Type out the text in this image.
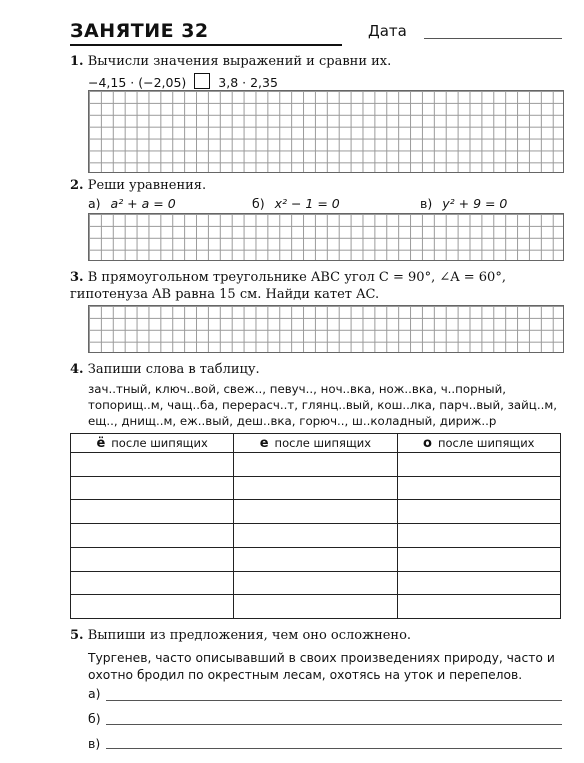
ЗАНЯТИЕ 32	Дата
1. Вычисли значения выражений и сравни их.
−4,15 · (−2,05)	3,8 · 2,35
2. Реши уравнения.
а) a² + a = 0	б) x² − 1 = 0	в) y² + 9 = 0
3. В прямоугольном треугольнике ABC угол C = 90°, ∠A = 60°,
гипотенуза AB равна 15 см. Найди катет AC.
4. Запиши слова в таблицу.
зач..тный, ключ..вой, свеж.., певуч.., ноч..вка, нож..вка, ч..порный,
топорищ..м, чащ..ба, перерасч..т, глянц..вый, кош..лка, парч..вый, зайц..м,
ещ.., днищ..м, еж..вый, деш..вка, горюч.., ш..коладный, дириж..р
ё после шипящих	е после шипящих	о после шипящих

5. Выпиши из предложения, чем оно осложнено.
Тургенев, часто описывавший в своих произведениях природу, часто и
охотно бродил по окрестным лесам, охотясь на уток и перепелов.
а)
б)
в)
